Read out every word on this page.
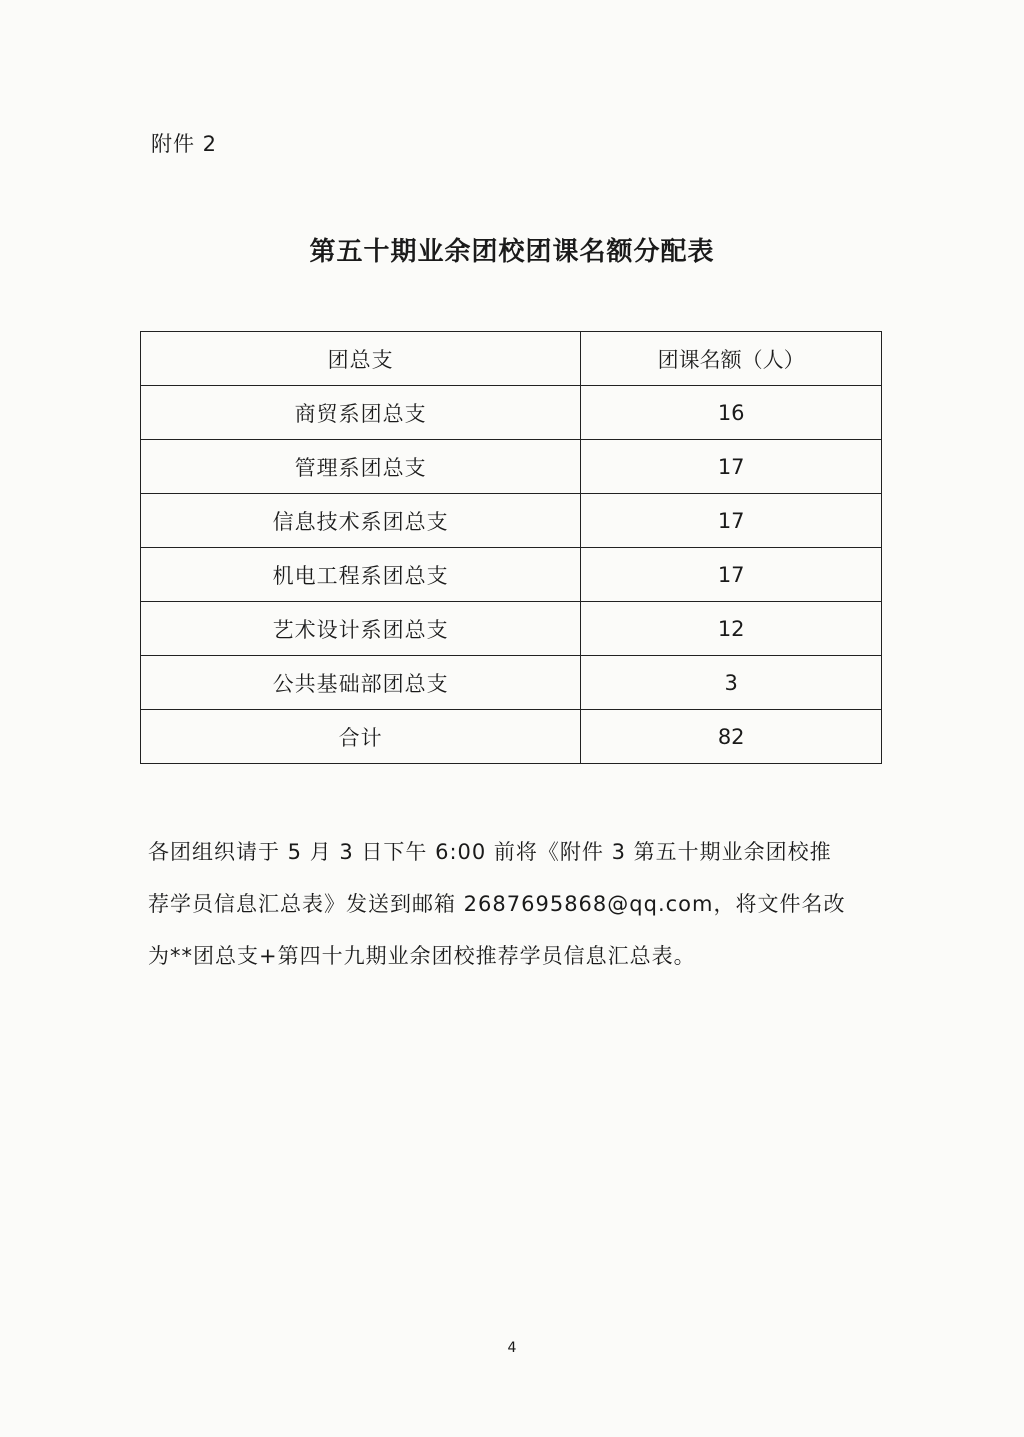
附件 2
第五十期业余团校团课名额分配表
团总支	团课名额（人）
商贸系团总支	16
管理系团总支	17
信息技术系团总支	17
机电工程系团总支	17
艺术设计系团总支	12
公共基础部团总支	3
合计	82

各团组织请于 5 月 3 日下午 6:00 前将《附件 3 第五十期业余团校推

荐学员信息汇总表》发送到邮箱 2687695868@qq.com，将文件名改

为**团总支+第四十九期业余团校推荐学员信息汇总表。

4
